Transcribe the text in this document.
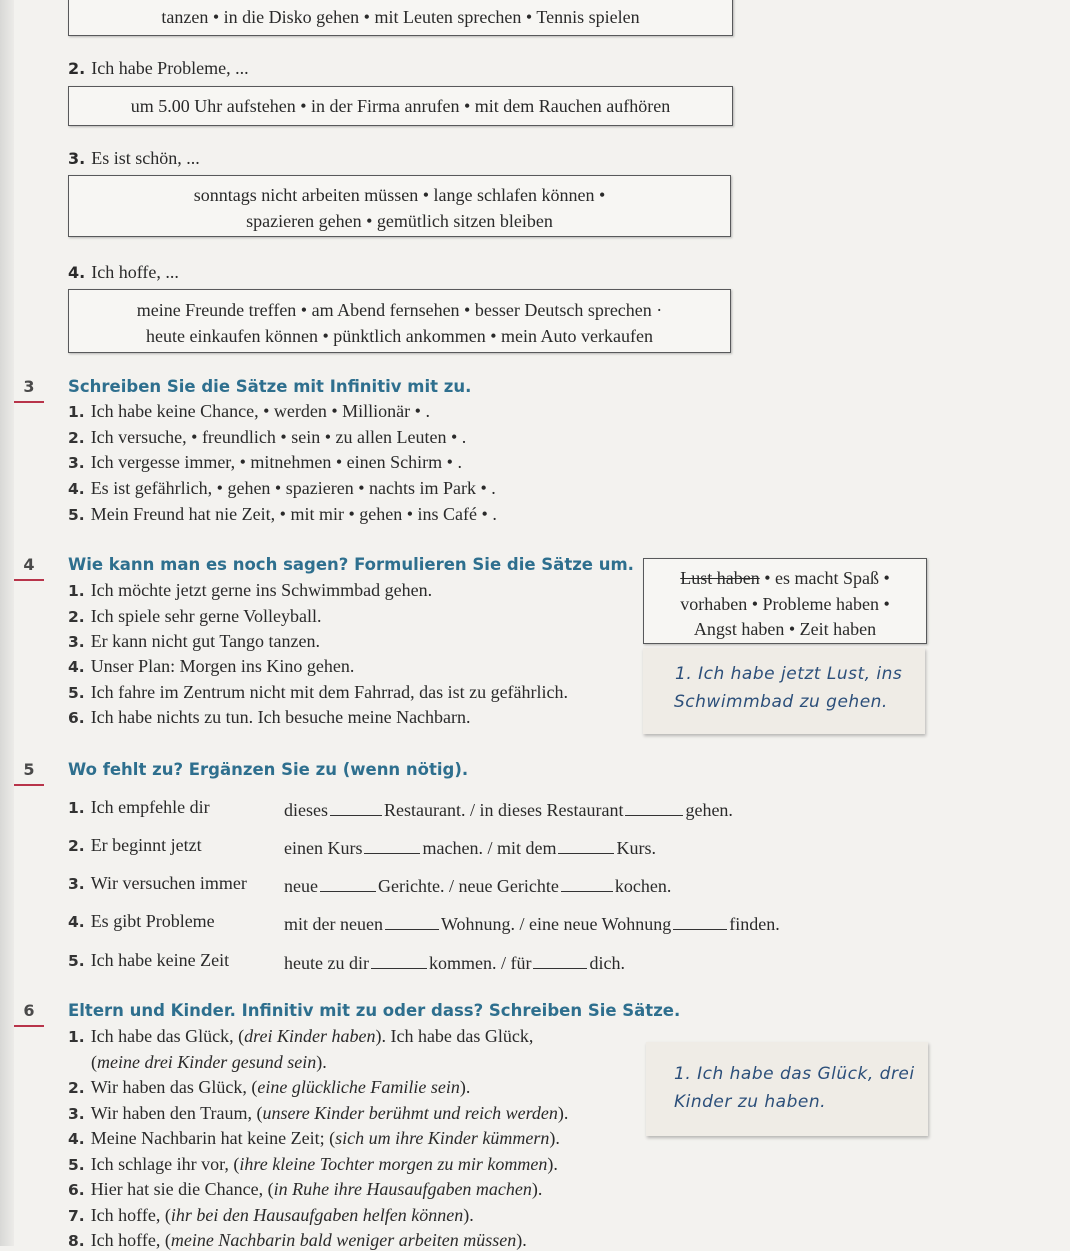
tanzen • in die Disko gehen • mit Leuten sprechen • Tennis spielen
2. Ich habe Probleme, ...
um 5.00 Uhr aufstehen • in der Firma anrufen • mit dem Rauchen aufhören
3. Es ist schön, ...
sonntags nicht arbeiten müssen • lange schlafen können •
spazieren gehen • gemütlich sitzen bleiben
4. Ich hoffe, ...
meine Freunde treffen • am Abend fernsehen • besser Deutsch sprechen ·
heute einkaufen können • pünktlich ankommen • mein Auto verkaufen
3	Schreiben Sie die Sätze mit Infinitiv mit zu.
1. Ich habe keine Chance, • werden • Millionär • .
2. Ich versuche, • freundlich • sein • zu allen Leuten • .
3. Ich vergesse immer, • mitnehmen • einen Schirm • .
4. Es ist gefährlich, • gehen • spazieren • nachts im Park • .
5. Mein Freund hat nie Zeit, • mit mir • gehen • ins Café • .
4	Wie kann man es noch sagen? Formulieren Sie die Sätze um.
1. Ich möchte jetzt gerne ins Schwimmbad gehen.
2. Ich spiele sehr gerne Volleyball.
3. Er kann nicht gut Tango tanzen.
4. Unser Plan: Morgen ins Kino gehen.
5. Ich fahre im Zentrum nicht mit dem Fahrrad, das ist zu gefährlich.
6. Ich habe nichts zu tun. Ich besuche meine Nachbarn.
Lust haben • es macht Spaß •
vorhaben • Probleme haben •
Angst haben • Zeit haben
1. Ich habe jetzt Lust, ins
Schwimmbad zu gehen.
5	Wo fehlt zu? Ergänzen Sie zu (wenn nötig).
1. Ich empfehle dir	dieses	Restaurant. / in dieses Restaurant	gehen.
2. Er beginnt jetzt	einen Kurs	machen. / mit dem	Kurs.
3. Wir versuchen immer neue	Gerichte. / neue Gerichte	kochen.
4. Es gibt Probleme	mit der neuen	Wohnung. / eine neue Wohnung	finden.
5. Ich habe keine Zeit	heute zu dir	kommen. / für	dich.
6	Eltern und Kinder. Infinitiv mit zu oder dass? Schreiben Sie Sätze.
1. Ich habe das Glück, (drei Kinder haben). Ich habe das Glück,
(meine drei Kinder gesund sein).
2. Wir haben das Glück, (eine glückliche Familie sein).
3. Wir haben den Traum, (unsere Kinder berühmt und reich werden).
4. Meine Nachbarin hat keine Zeit; (sich um ihre Kinder kümmern).
5. Ich schlage ihr vor, (ihre kleine Tochter morgen zu mir kommen).
6. Hier hat sie die Chance, (in Ruhe ihre Hausaufgaben machen).
7. Ich hoffe, (ihr bei den Hausaufgaben helfen können).
8. Ich hoffe, (meine Nachbarin bald weniger arbeiten müssen).
1. Ich habe das Glück, drei
Kinder zu haben.
